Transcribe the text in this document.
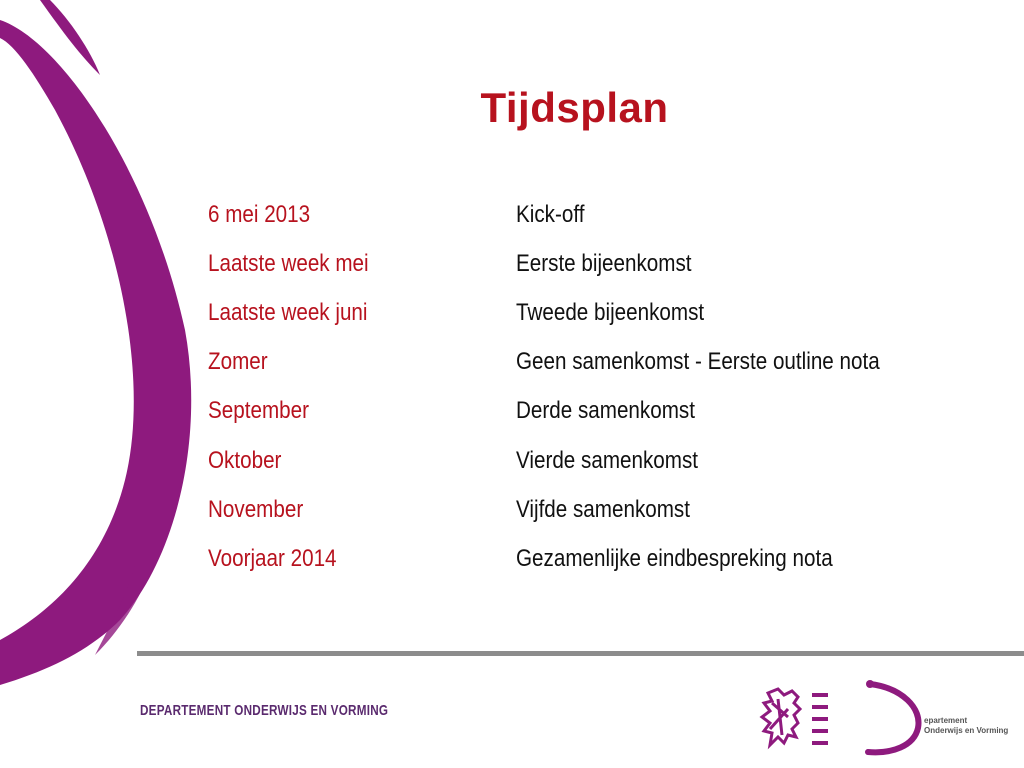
Tijdsplan
6 mei 2013	Kick-off
Laatste week mei	Eerste bijeenkomst
Laatste week juni	Tweede bijeenkomst
Zomer	Geen samenkomst - Eerste outline nota
September	Derde samenkomst
Oktober	Vierde samenkomst
November	Vijfde samenkomst
Voorjaar 2014	Gezamenlijke eindbespreking nota
DEPARTEMENT ONDERWIJS EN VORMING
epartement
Onderwijs en Vorming
